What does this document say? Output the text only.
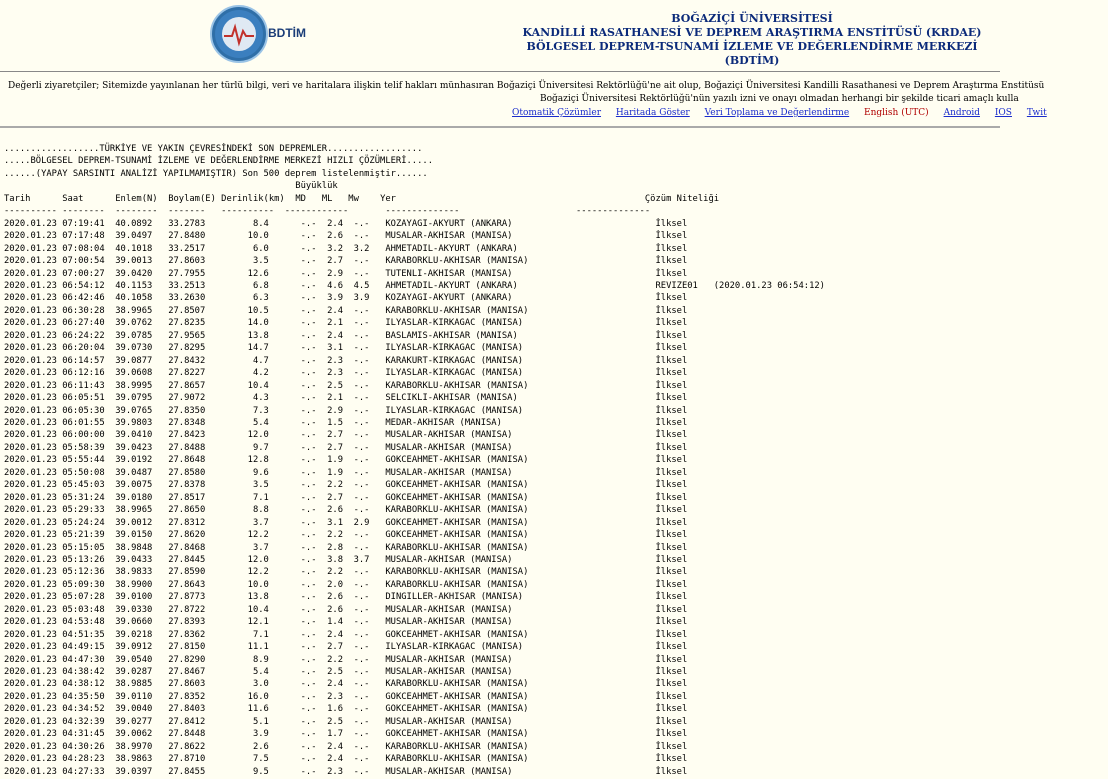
BDTİM
BOĞAZİÇİ ÜNİVERSİTESİ
KANDİLLİ RASATHANESİ VE DEPREM ARAŞTIRMA ENSTİTÜSÜ (KRDAE)
BÖLGESEL DEPREM-TSUNAMİ İZLEME VE DEĞERLENDİRME MERKEZİ (BDTİM)
Değerli ziyaretçiler; Sitemizde yayınlanan her türlü bilgi, veri ve haritalara ilişkin telif hakları münhasıran Boğaziçi Üniversitesi Rektörlüğü'ne ait olup, Boğaziçi Üniversitesi Kandilli Rasathanesi ve Deprem Araştırma Enstitüsü
Boğaziçi Üniversitesi Rektörlüğü'nün yazılı izni ve onayı olmadan herhangi bir şekilde ticari amaçlı kulla
Otomatik Çözümler Haritada Göster Veri Toplama ve Değerlendirme English (UTC) Android IOS Twit
..................TÜRKİYE VE YAKIN ÇEVRESİNDEKİ SON DEPREMLER..................
.....BÖLGESEL DEPREM-TSUNAMİ İZLEME VE DEĞERLENDİRME MERKEZİ HIZLI ÇÖZÜMLERİ.....
......(YAPAY SARSINTI ANALİZİ YAPILMAMIŞTIR) Son 500 deprem listelenmiştir......
Büyüklük
Tarih      Saat      Enlem(N)  Boylam(E) Derinlik(km)  MD   ML   Mw    Yer                                               Çözüm Niteliği
---------- --------  --------  -------   ----------  ------------       --------------                      --------------
2020.01.23 07:19:41  40.0892   33.2783         8.4      -.-  2.4  -.-   KOZAYAGI-AKYURT (ANKARA)                           İlksel
2020.01.23 07:17:48  39.0497   27.8480        10.0      -.-  2.6  -.-   MUSALAR-AKHISAR (MANISA)                           İlksel
2020.01.23 07:08:04  40.1018   33.2517         6.0      -.-  3.2  3.2   AHMETADIL-AKYURT (ANKARA)                          İlksel
2020.01.23 07:00:54  39.0013   27.8603         3.5      -.-  2.7  -.-   KARABORKLU-AKHISAR (MANISA)                        İlksel
2020.01.23 07:00:27  39.0420   27.7955        12.6      -.-  2.9  -.-   TUTENLI-AKHISAR (MANISA)                           İlksel
2020.01.23 06:54:12  40.1153   33.2513         6.8      -.-  4.6  4.5   AHMETADIL-AKYURT (ANKARA)                          REVIZE01   (2020.01.23 06:54:12)
2020.01.23 06:42:46  40.1058   33.2630         6.3      -.-  3.9  3.9   KOZAYAGI-AKYURT (ANKARA)                           İlksel
2020.01.23 06:30:28  38.9965   27.8507        10.5      -.-  2.4  -.-   KARABORKLU-AKHISAR (MANISA)                        İlksel
2020.01.23 06:27:40  39.0762   27.8235        14.0      -.-  2.1  -.-   ILYASLAR-KIRKAGAC (MANISA)                         İlksel
2020.01.23 06:24:22  39.0785   27.9565        13.8      -.-  2.4  -.-   BASLAMIS-AKHISAR (MANISA)                          İlksel
2020.01.23 06:20:04  39.0730   27.8295        14.7      -.-  3.1  -.-   ILYASLAR-KIRKAGAC (MANISA)                         İlksel
2020.01.23 06:14:57  39.0877   27.8432         4.7      -.-  2.3  -.-   KARAKURT-KIRKAGAC (MANISA)                         İlksel
2020.01.23 06:12:16  39.0608   27.8227         4.2      -.-  2.3  -.-   ILYASLAR-KIRKAGAC (MANISA)                         İlksel
2020.01.23 06:11:43  38.9995   27.8657        10.4      -.-  2.5  -.-   KARABORKLU-AKHISAR (MANISA)                        İlksel
2020.01.23 06:05:51  39.0795   27.9072         4.3      -.-  2.1  -.-   SELCIKLI-AKHISAR (MANISA)                          İlksel
2020.01.23 06:05:30  39.0765   27.8350         7.3      -.-  2.9  -.-   ILYASLAR-KIRKAGAC (MANISA)                         İlksel
2020.01.23 06:01:55  39.9803   27.8348         5.4      -.-  1.5  -.-   MEDAR-AKHISAR (MANISA)                             İlksel
2020.01.23 06:00:00  39.0410   27.8423        12.0      -.-  2.7  -.-   MUSALAR-AKHISAR (MANISA)                           İlksel
2020.01.23 05:58:39  39.0423   27.8488         9.7      -.-  2.7  -.-   MUSALAR-AKHISAR (MANISA)                           İlksel
2020.01.23 05:55:44  39.0192   27.8648        12.8      -.-  1.9  -.-   GOKCEAHMET-AKHISAR (MANISA)                        İlksel
2020.01.23 05:50:08  39.0487   27.8580         9.6      -.-  1.9  -.-   MUSALAR-AKHISAR (MANISA)                           İlksel
2020.01.23 05:45:03  39.0075   27.8378         3.5      -.-  2.2  -.-   GOKCEAHMET-AKHISAR (MANISA)                        İlksel
2020.01.23 05:31:24  39.0180   27.8517         7.1      -.-  2.7  -.-   GOKCEAHMET-AKHISAR (MANISA)                        İlksel
2020.01.23 05:29:33  38.9965   27.8650         8.8      -.-  2.6  -.-   KARABORKLU-AKHISAR (MANISA)                        İlksel
2020.01.23 05:24:24  39.0012   27.8312         3.7      -.-  3.1  2.9   GOKCEAHMET-AKHISAR (MANISA)                        İlksel
2020.01.23 05:21:39  39.0150   27.8620        12.2      -.-  2.2  -.-   GOKCEAHMET-AKHISAR (MANISA)                        İlksel
2020.01.23 05:15:05  38.9848   27.8468         3.7      -.-  2.8  -.-   KARABORKLU-AKHISAR (MANISA)                        İlksel
2020.01.23 05:13:26  39.0433   27.8445        12.0      -.-  3.8  3.7   MUSALAR-AKHISAR (MANISA)                           İlksel
2020.01.23 05:12:36  38.9833   27.8590        12.2      -.-  2.2  -.-   KARABORKLU-AKHISAR (MANISA)                        İlksel
2020.01.23 05:09:30  38.9900   27.8643        10.0      -.-  2.0  -.-   KARABORKLU-AKHISAR (MANISA)                        İlksel
2020.01.23 05:07:28  39.0100   27.8773        13.8      -.-  2.6  -.-   DINGILLER-AKHISAR (MANISA)                         İlksel
2020.01.23 05:03:48  39.0330   27.8722        10.4      -.-  2.6  -.-   MUSALAR-AKHISAR (MANISA)                           İlksel
2020.01.23 04:53:48  39.0660   27.8393        12.1      -.-  1.4  -.-   MUSALAR-AKHISAR (MANISA)                           İlksel
2020.01.23 04:51:35  39.0218   27.8362         7.1      -.-  2.4  -.-   GOKCEAHMET-AKHISAR (MANISA)                        İlksel
2020.01.23 04:49:15  39.0912   27.8150        11.1      -.-  2.7  -.-   ILYASLAR-KIRKAGAC (MANISA)                         İlksel
2020.01.23 04:47:30  39.0540   27.8290         8.9      -.-  2.2  -.-   MUSALAR-AKHISAR (MANISA)                           İlksel
2020.01.23 04:38:42  39.0287   27.8467         5.4      -.-  2.5  -.-   MUSALAR-AKHISAR (MANISA)                           İlksel
2020.01.23 04:38:12  38.9885   27.8603         3.0      -.-  2.4  -.-   KARABORKLU-AKHISAR (MANISA)                        İlksel
2020.01.23 04:35:50  39.0110   27.8352        16.0      -.-  2.3  -.-   GOKCEAHMET-AKHISAR (MANISA)                        İlksel
2020.01.23 04:34:52  39.0040   27.8403        11.6      -.-  1.6  -.-   GOKCEAHMET-AKHISAR (MANISA)                        İlksel
2020.01.23 04:32:39  39.0277   27.8412         5.1      -.-  2.5  -.-   MUSALAR-AKHISAR (MANISA)                           İlksel
2020.01.23 04:31:45  39.0062   27.8448         3.9      -.-  1.7  -.-   GOKCEAHMET-AKHISAR (MANISA)                        İlksel
2020.01.23 04:30:26  38.9970   27.8622         2.6      -.-  2.4  -.-   KARABORKLU-AKHISAR (MANISA)                        İlksel
2020.01.23 04:28:23  38.9863   27.8710         7.5      -.-  2.4  -.-   KARABORKLU-AKHISAR (MANISA)                        İlksel
2020.01.23 04:27:33  39.0397   27.8455         9.5      -.-  2.3  -.-   MUSALAR-AKHISAR (MANISA)                           İlksel
